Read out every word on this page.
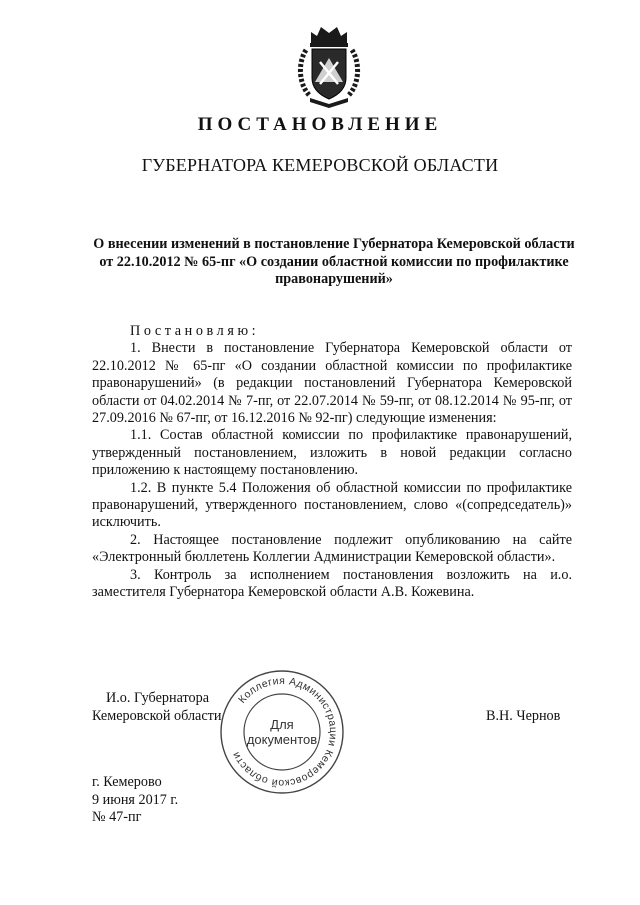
ПОСТАНОВЛЕНИЕ
ГУБЕРНАТОРА КЕМЕРОВСКОЙ ОБЛАСТИ
О внесении изменений в постановление Губернатора Кемеровской области от 22.10.2012 № 65-пг «О создании областной комиссии по профилактике правонарушений»

Постановляю:

1. Внести в постановление Губернатора Кемеровской области от 22.10.2012 № 65-пг «О создании областной комиссии по профилактике правонарушений» (в редакции постановлений Губернатора Кемеровской области от 04.02.2014 № 7-пг, от 22.07.2014 № 59-пг, от 08.12.2014 № 95-пг, от 27.09.2016 № 67-пг, от 16.12.2016 № 92-пг) следующие изменения:

1.1. Состав областной комиссии по профилактике правонарушений, утвержденный постановлением, изложить в новой редакции согласно приложению к настоящему постановлению.

1.2. В пункте 5.4 Положения об областной комиссии по профилактике правонарушений, утвержденного постановлением, слово «(сопредседатель)» исключить.

2. Настоящее постановление подлежит опубликованию на сайте «Электронный бюллетень Коллегии Администрации Кемеровской области».

3. Контроль за исполнением постановления возложить на и.о. заместителя Губернатора Кемеровской области А.В. Кожевина.

И.о. Губернатора
Кемеровской области	В.Н. Чернов
Коллегия Администрации Кемеровской области
Для
документов
г. Кемерово
9 июня 2017 г.
№ 47-пг
